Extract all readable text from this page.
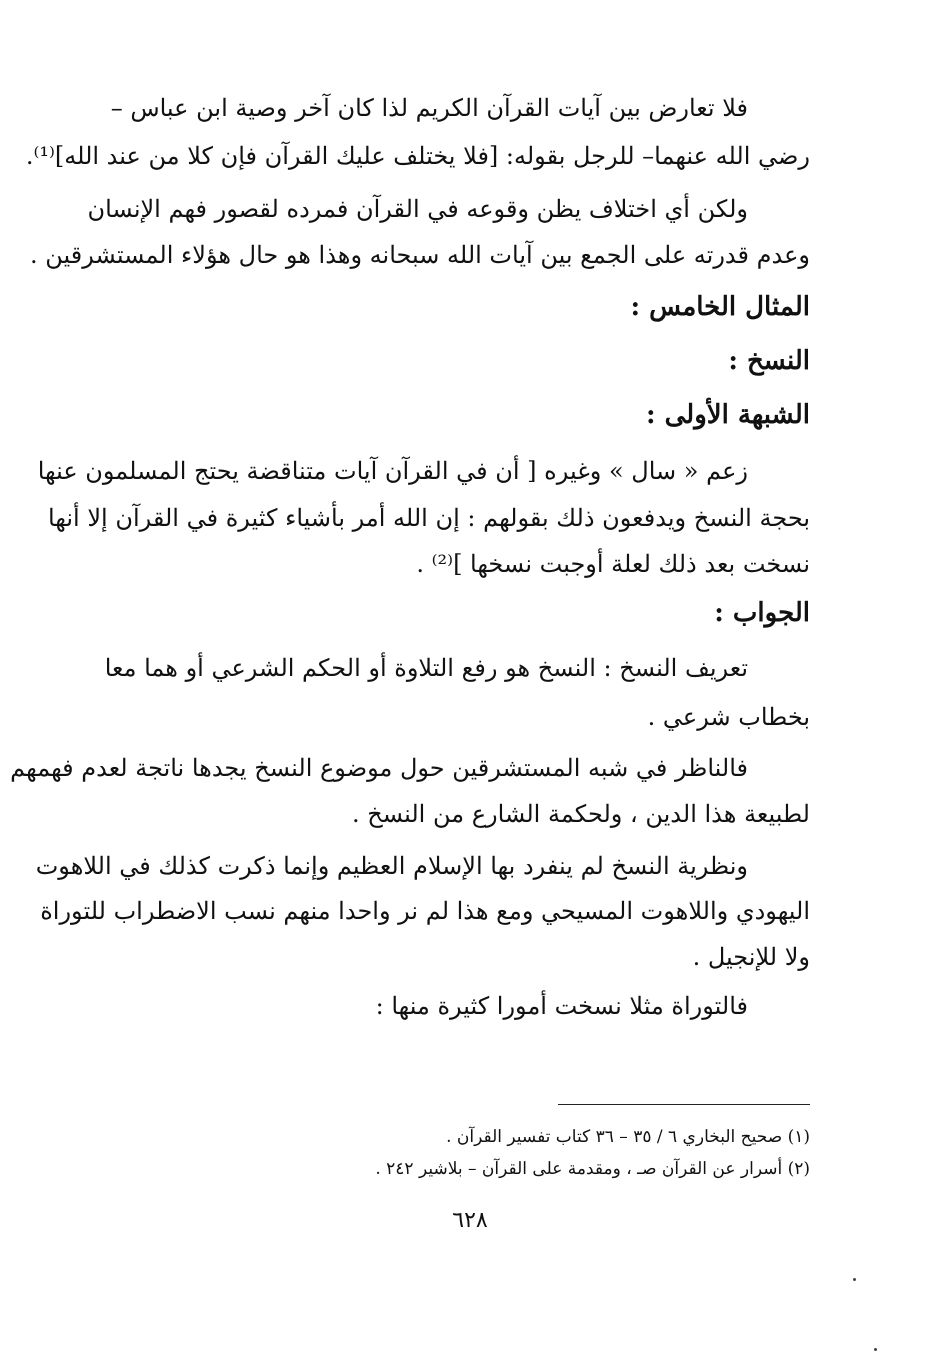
فلا تعارض بين آيات القرآن الكريم لذا كان آخر وصية ابن عباس –
رضي الله عنهما– للرجل بقوله: [فلا يختلف عليك القرآن فإن كلا من عند الله]⁽¹⁾.
ولكن أي اختلاف يظن وقوعه في القرآن فمرده لقصور فهم الإنسان
وعدم قدرته على الجمع بين آيات الله سبحانه وهذا هو حال هؤلاء المستشرقين .
المثال الخامس :
النسخ :
الشبهة الأولى :
زعم « سال » وغيره [ أن في القرآن آيات متناقضة يحتج المسلمون عنها
بحجة النسخ ويدفعون ذلك بقولهم : إن الله أمر بأشياء كثيرة في القرآن إلا أنها
نسخت بعد ذلك لعلة أوجبت نسخها ]⁽²⁾ .
الجواب :
تعريف النسخ : النسخ هو رفع التلاوة أو الحكم الشرعي أو هما معا
بخطاب شرعي .
فالناظر في شبه المستشرقين حول موضوع النسخ يجدها ناتجة لعدم فهمهم
لطبيعة هذا الدين ، ولحكمة الشارع من النسخ .
ونظرية النسخ لم ينفرد بها الإسلام العظيم وإنما ذكرت كذلك في اللاهوت
اليهودي واللاهوت المسيحي ومع هذا لم نر واحدا منهم نسب الاضطراب للتوراة
ولا للإنجيل .
فالتوراة مثلا نسخت أمورا كثيرة منها :
(١) صحيح البخاري ٦ / ٣٥ – ٣٦ كتاب تفسير القرآن .
(٢) أسرار عن القرآن صـ ، ومقدمة على القرآن – بلاشير ٢٤٢ .
٦٢٨
